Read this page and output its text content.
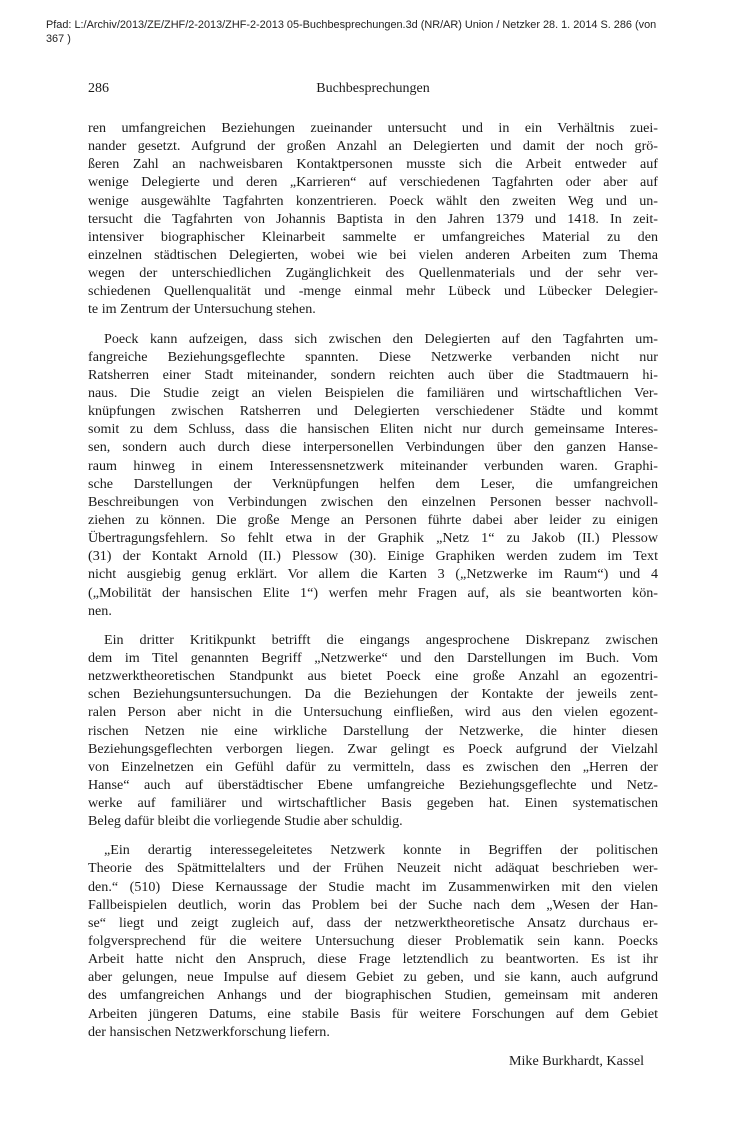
Pfad: L:/Archiv/2013/ZE/ZHF/2-2013/ZHF-2-2013 05-Buchbesprechungen.3d (NR/AR) Union / Netzker 28. 1. 2014 S. 286 (von
367 )
286	Buchbesprechungen
ren umfangreichen Beziehungen zueinander untersucht und in ein Verhältnis zuei-
nander gesetzt. Aufgrund der großen Anzahl an Delegierten und damit der noch grö-
ßeren Zahl an nachweisbaren Kontaktpersonen musste sich die Arbeit entweder auf
wenige Delegierte und deren „Karrieren“ auf verschiedenen Tagfahrten oder aber auf
wenige ausgewählte Tagfahrten konzentrieren. Poeck wählt den zweiten Weg und un-
tersucht die Tagfahrten von Johannis Baptista in den Jahren 1379 und 1418. In zeit-
intensiver biographischer Kleinarbeit sammelte er umfangreiches Material zu den
einzelnen städtischen Delegierten, wobei wie bei vielen anderen Arbeiten zum Thema
wegen der unterschiedlichen Zugänglichkeit des Quellenmaterials und der sehr ver-
schiedenen Quellenqualität und -menge einmal mehr Lübeck und Lübecker Delegier-
te im Zentrum der Untersuchung stehen.
Poeck kann aufzeigen, dass sich zwischen den Delegierten auf den Tagfahrten um-
fangreiche Beziehungsgeflechte spannten. Diese Netzwerke verbanden nicht nur
Ratsherren einer Stadt miteinander, sondern reichten auch über die Stadtmauern hi-
naus. Die Studie zeigt an vielen Beispielen die familiären und wirtschaftlichen Ver-
knüpfungen zwischen Ratsherren und Delegierten verschiedener Städte und kommt
somit zu dem Schluss, dass die hansischen Eliten nicht nur durch gemeinsame Interes-
sen, sondern auch durch diese interpersonellen Verbindungen über den ganzen Hanse-
raum hinweg in einem Interessensnetzwerk miteinander verbunden waren. Graphi-
sche Darstellungen der Verknüpfungen helfen dem Leser, die umfangreichen
Beschreibungen von Verbindungen zwischen den einzelnen Personen besser nachvoll-
ziehen zu können. Die große Menge an Personen führte dabei aber leider zu einigen
Übertragungsfehlern. So fehlt etwa in der Graphik „Netz 1“ zu Jakob (II.) Plessow
(31) der Kontakt Arnold (II.) Plessow (30). Einige Graphiken werden zudem im Text
nicht ausgiebig genug erklärt. Vor allem die Karten 3 („Netzwerke im Raum“) und 4
(„Mobilität der hansischen Elite 1“) werfen mehr Fragen auf, als sie beantworten kön-
nen.
Ein dritter Kritikpunkt betrifft die eingangs angesprochene Diskrepanz zwischen
dem im Titel genannten Begriff „Netzwerke“ und den Darstellungen im Buch. Vom
netzwerktheoretischen Standpunkt aus bietet Poeck eine große Anzahl an egozentri-
schen Beziehungsuntersuchungen. Da die Beziehungen der Kontakte der jeweils zent-
ralen Person aber nicht in die Untersuchung einfließen, wird aus den vielen egozent-
rischen Netzen nie eine wirkliche Darstellung der Netzwerke, die hinter diesen
Beziehungsgeflechten verborgen liegen. Zwar gelingt es Poeck aufgrund der Vielzahl
von Einzelnetzen ein Gefühl dafür zu vermitteln, dass es zwischen den „Herren der
Hanse“ auch auf überstädtischer Ebene umfangreiche Beziehungsgeflechte und Netz-
werke auf familiärer und wirtschaftlicher Basis gegeben hat. Einen systematischen
Beleg dafür bleibt die vorliegende Studie aber schuldig.
„Ein derartig interessegeleitetes Netzwerk konnte in Begriffen der politischen
Theorie des Spätmittelalters und der Frühen Neuzeit nicht adäquat beschrieben wer-
den.“ (510) Diese Kernaussage der Studie macht im Zusammenwirken mit den vielen
Fallbeispielen deutlich, worin das Problem bei der Suche nach dem „Wesen der Han-
se“ liegt und zeigt zugleich auf, dass der netzwerktheoretische Ansatz durchaus er-
folgversprechend für die weitere Untersuchung dieser Problematik sein kann. Poecks
Arbeit hatte nicht den Anspruch, diese Frage letztendlich zu beantworten. Es ist ihr
aber gelungen, neue Impulse auf diesem Gebiet zu geben, und sie kann, auch aufgrund
des umfangreichen Anhangs und der biographischen Studien, gemeinsam mit anderen
Arbeiten jüngeren Datums, eine stabile Basis für weitere Forschungen auf dem Gebiet
der hansischen Netzwerkforschung liefern.
Mike Burkhardt, Kassel
